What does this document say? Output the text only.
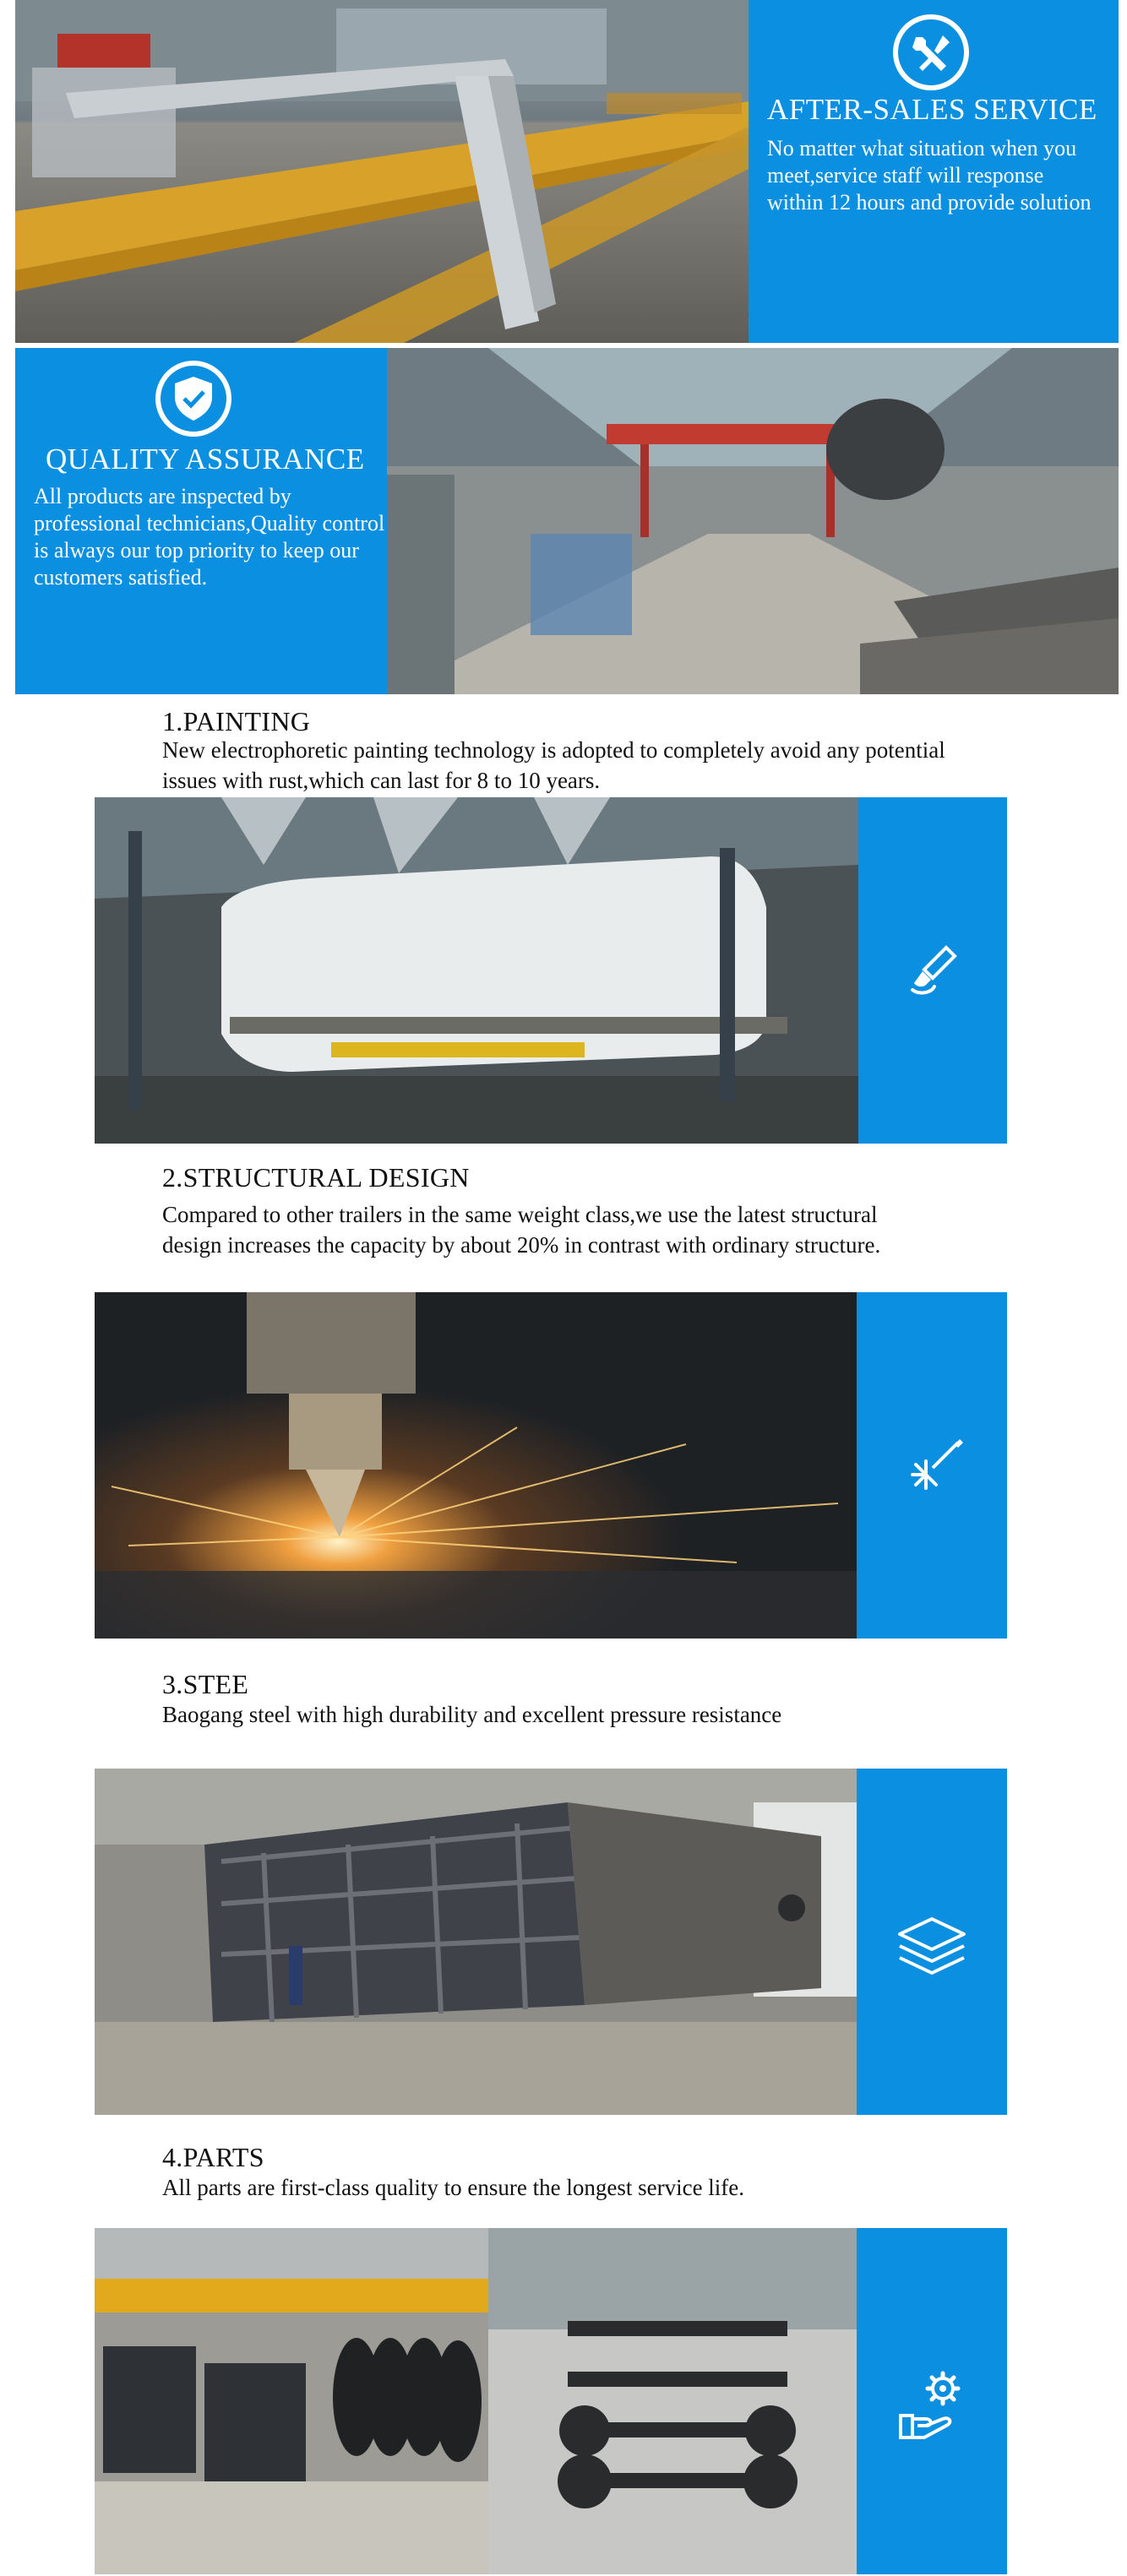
AFTER-SALES SERVICE
No matter what situation when you meet,service staff will response within 12 hours and provide solution
QUALITY ASSURANCE
All products are inspected by professional technicians,Quality control is always our top priority to keep our customers satisfied.
1.PAINTING
New electrophoretic painting technology is adopted to completely avoid any potential issues with rust,which can last for 8 to 10 years.
2.STRUCTURAL DESIGN
Compared to other trailers in the same weight class,we use the latest structural design increases the capacity by about 20% in contrast with ordinary structure.
3.STEE
Baogang steel with high durability and excellent pressure resistance
4.PARTS
All parts are first-class quality to ensure the longest service life.
